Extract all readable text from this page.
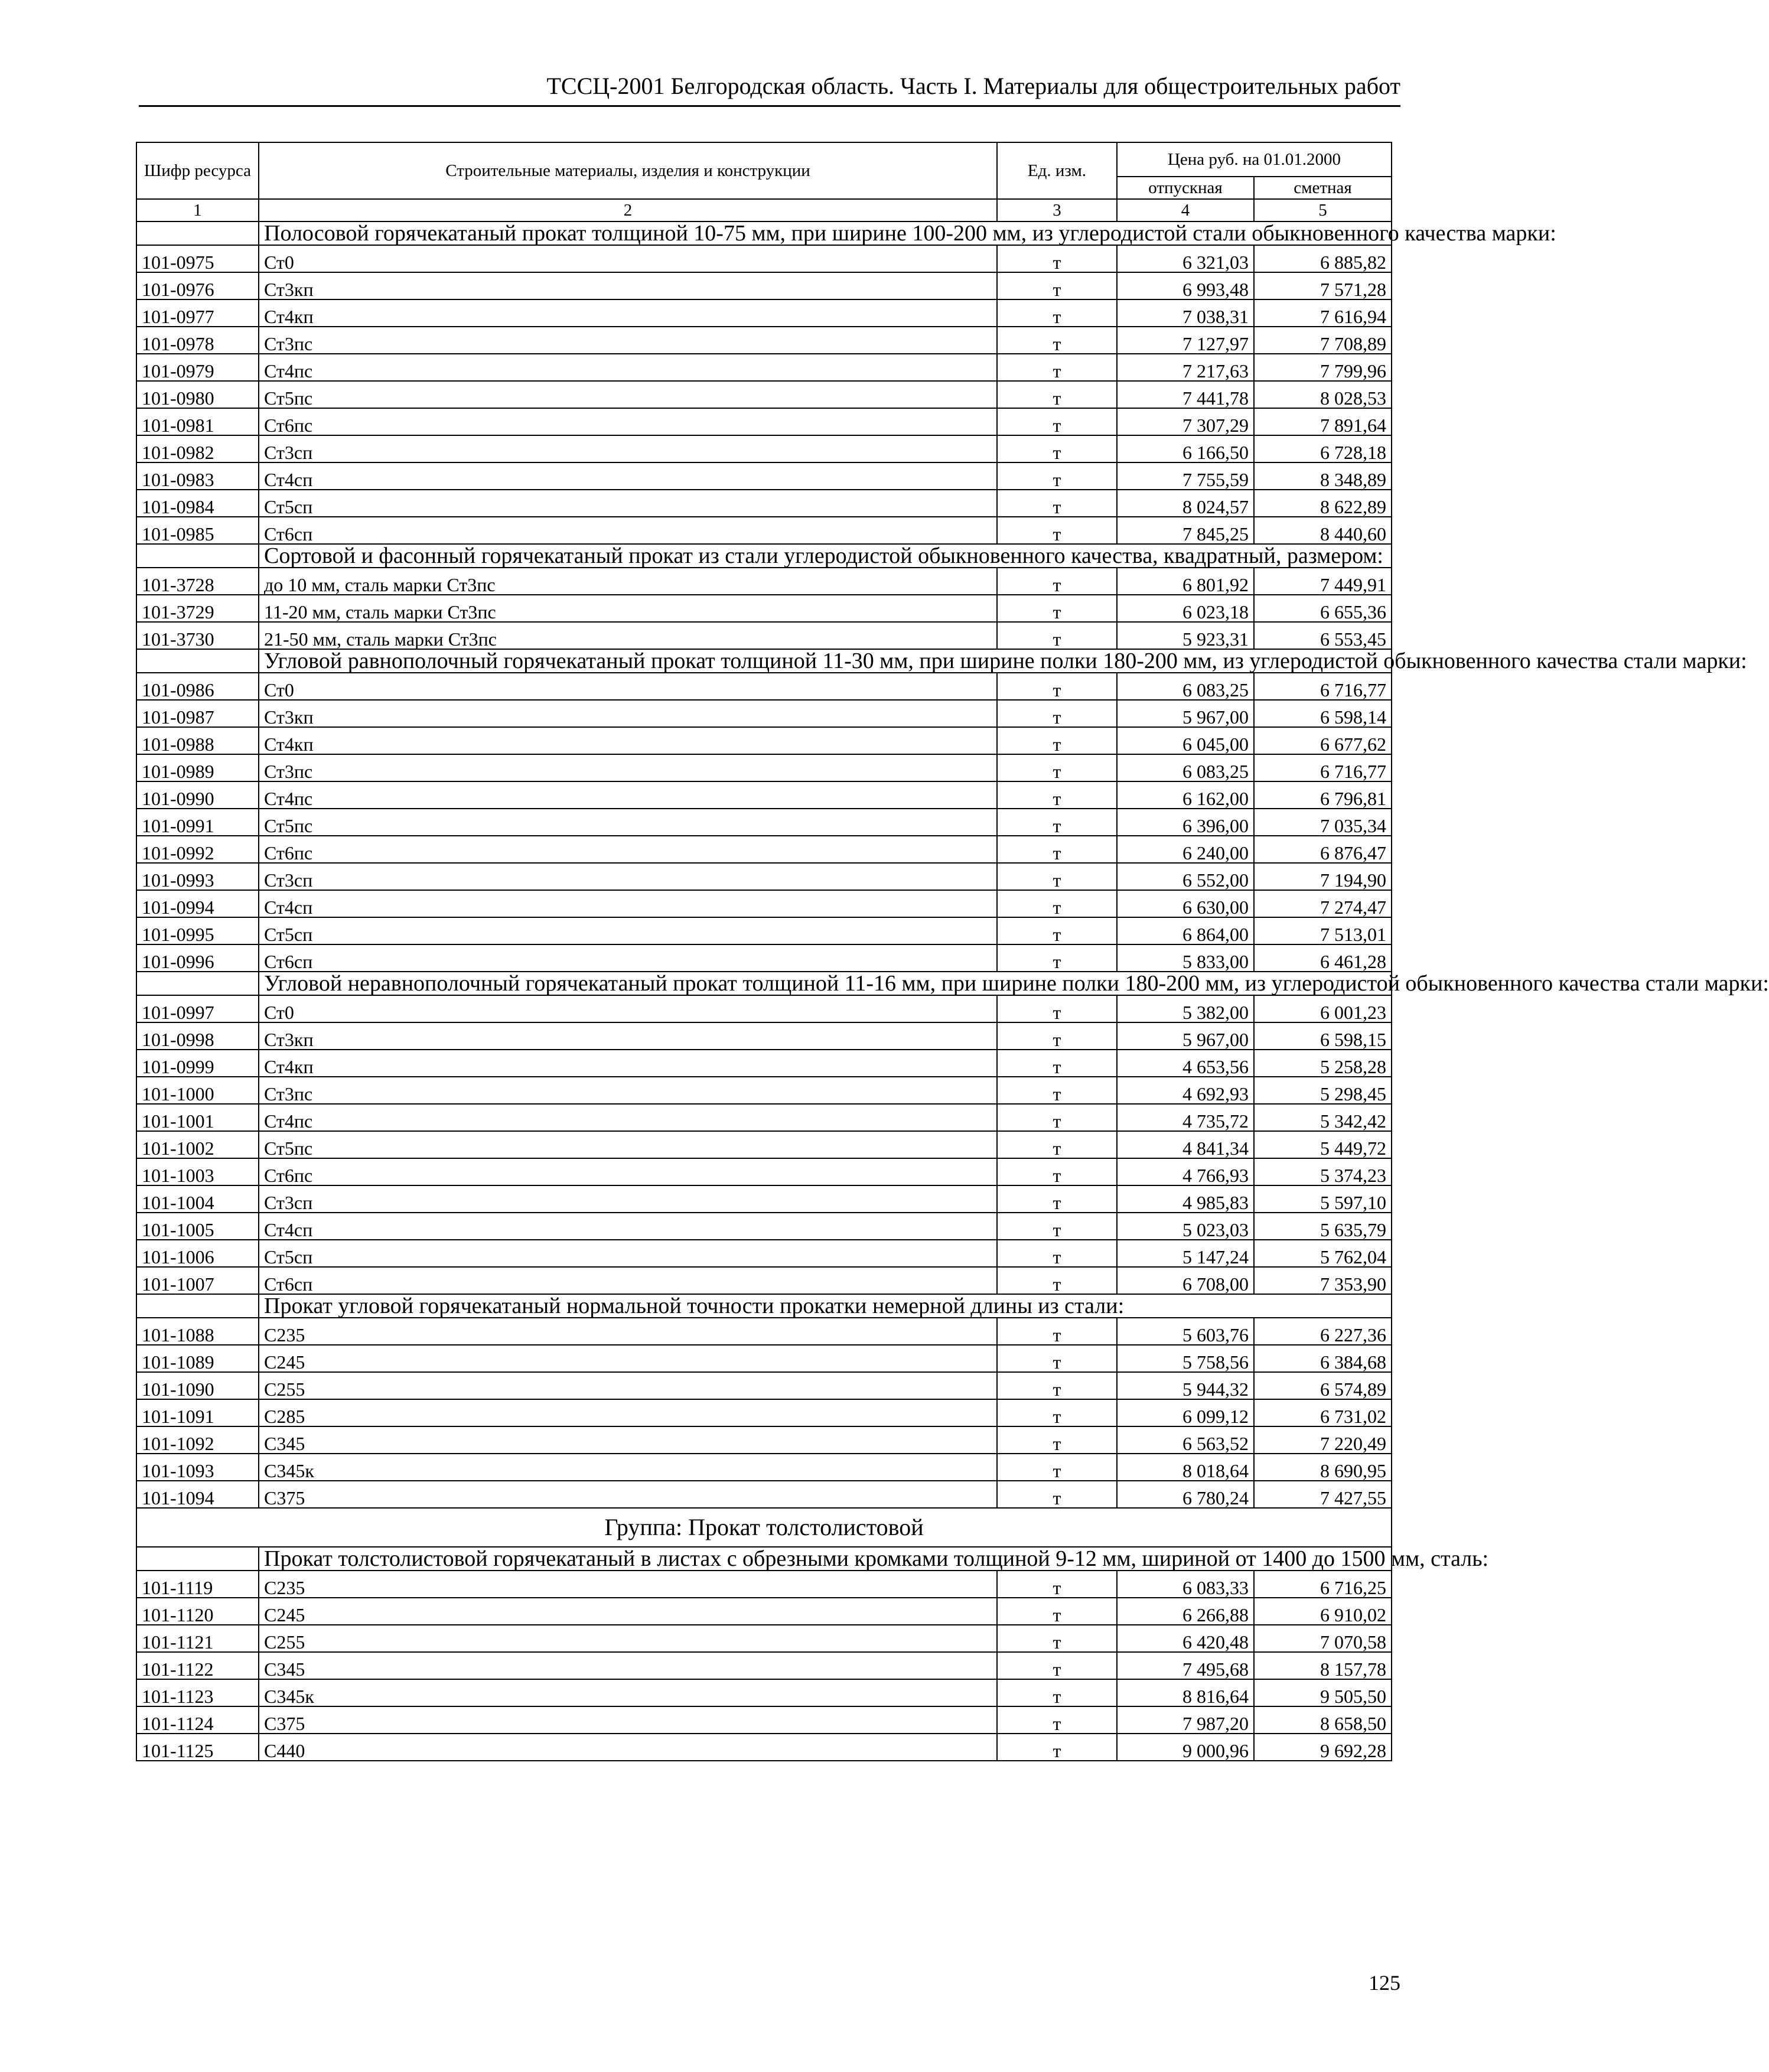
ТССЦ-2001 Белгородская область. Часть I. Материалы для общестроительных работ
Шифр ресурса	Строительные материалы, изделия и конструкции	Ед. изм.	Цена руб. на 01.01.2000	
			отпускная	сметная
1	2	3	4	5
	Полосовой горячекатаный прокат толщиной 10-75 мм, при ширине 100-200 мм, из углеродистой стали обыкновенного качества марки:			
101-0975	Ст0	т	6 321,03	6 885,82
101-0976	Ст3кп	т	6 993,48	7 571,28
101-0977	Ст4кп	т	7 038,31	7 616,94
101-0978	Ст3пс	т	7 127,97	7 708,89
101-0979	Ст4пс	т	7 217,63	7 799,96
101-0980	Ст5пс	т	7 441,78	8 028,53
101-0981	Ст6пс	т	7 307,29	7 891,64
101-0982	Ст3сп	т	6 166,50	6 728,18
101-0983	Ст4сп	т	7 755,59	8 348,89
101-0984	Ст5сп	т	8 024,57	8 622,89
101-0985	Ст6сп	т	7 845,25	8 440,60
	Сортовой и фасонный горячекатаный прокат из стали углеродистой обыкновенного качества, квадратный, размером:			
101-3728	до 10 мм, сталь марки Ст3пс	т	6 801,92	7 449,91
101-3729	11-20 мм, сталь марки Ст3пс	т	6 023,18	6 655,36
101-3730	21-50 мм, сталь марки Ст3пс	т	5 923,31	6 553,45
	Угловой равнополочный горячекатаный прокат толщиной 11-30 мм, при ширине полки 180-200 мм, из углеродистой обыкновенного качества стали марки:			
101-0986	Ст0	т	6 083,25	6 716,77
101-0987	Ст3кп	т	5 967,00	6 598,14
101-0988	Ст4кп	т	6 045,00	6 677,62
101-0989	Ст3пс	т	6 083,25	6 716,77
101-0990	Ст4пс	т	6 162,00	6 796,81
101-0991	Ст5пс	т	6 396,00	7 035,34
101-0992	Ст6пс	т	6 240,00	6 876,47
101-0993	Ст3сп	т	6 552,00	7 194,90
101-0994	Ст4сп	т	6 630,00	7 274,47
101-0995	Ст5сп	т	6 864,00	7 513,01
101-0996	Ст6сп	т	5 833,00	6 461,28
	Угловой неравнополочный горячекатаный прокат толщиной 11-16 мм, при ширине полки 180-200 мм, из углеродистой обыкновенного качества стали марки:			
101-0997	Ст0	т	5 382,00	6 001,23
101-0998	Ст3кп	т	5 967,00	6 598,15
101-0999	Ст4кп	т	4 653,56	5 258,28
101-1000	Ст3пс	т	4 692,93	5 298,45
101-1001	Ст4пс	т	4 735,72	5 342,42
101-1002	Ст5пс	т	4 841,34	5 449,72
101-1003	Ст6пс	т	4 766,93	5 374,23
101-1004	Ст3сп	т	4 985,83	5 597,10
101-1005	Ст4сп	т	5 023,03	5 635,79
101-1006	Ст5сп	т	5 147,24	5 762,04
101-1007	Ст6сп	т	6 708,00	7 353,90
	Прокат угловой горячекатаный нормальной точности прокатки немерной длины из стали:			
101-1088	С235	т	5 603,76	6 227,36
101-1089	С245	т	5 758,56	6 384,68
101-1090	С255	т	5 944,32	6 574,89
101-1091	С285	т	6 099,12	6 731,02
101-1092	С345	т	6 563,52	7 220,49
101-1093	С345к	т	8 018,64	8 690,95
101-1094	С375	т	6 780,24	7 427,55
Группа: Прокат толстолистовой				
	Прокат толстолистовой горячекатаный в листах с обрезными кромками толщиной 9-12 мм, шириной от 1400 до 1500 мм, сталь:			
101-1119	С235	т	6 083,33	6 716,25
101-1120	С245	т	6 266,88	6 910,02
101-1121	С255	т	6 420,48	7 070,58
101-1122	С345	т	7 495,68	8 157,78
101-1123	С345к	т	8 816,64	9 505,50
101-1124	С375	т	7 987,20	8 658,50
101-1125	С440	т	9 000,96	9 692,28
125
